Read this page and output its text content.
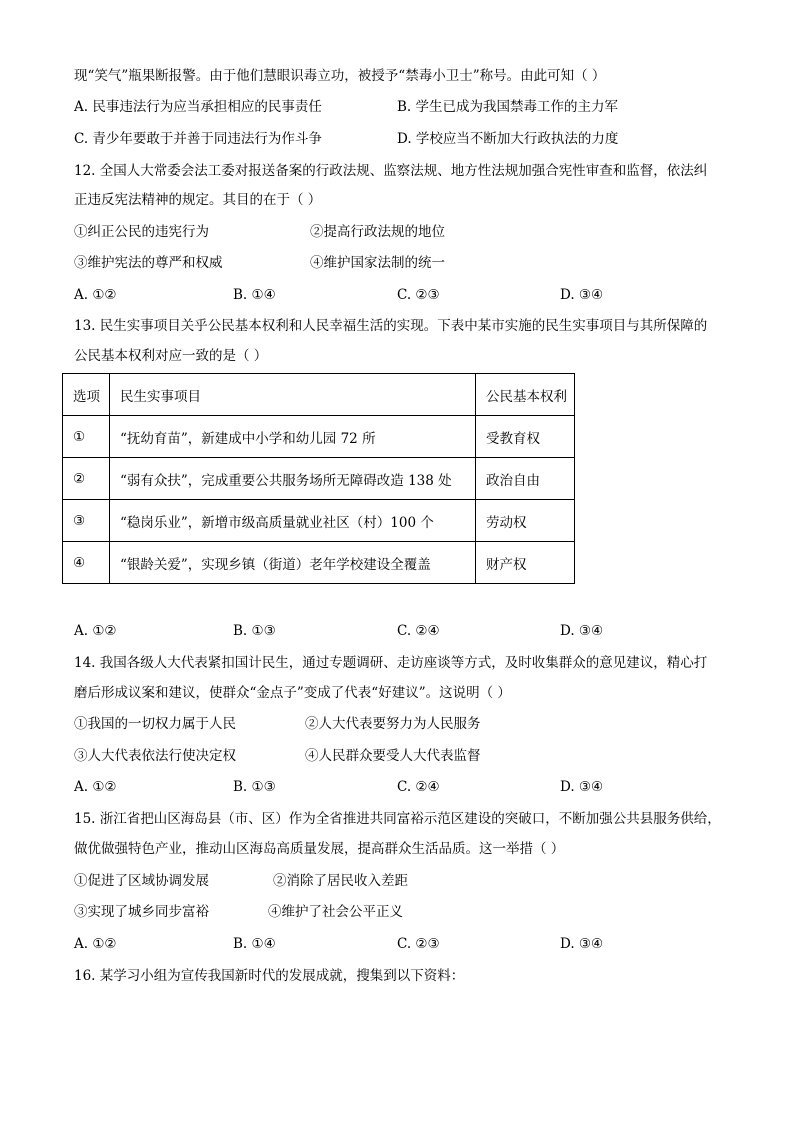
现“笑气”瓶果断报警。由于他们慧眼识毒立功，被授予“禁毒小卫士”称号。由此可知（ ）
A. 民事违法行为应当承担相应的民事责任	B. 学生已成为我国禁毒工作的主力军
C. 青少年要敢于并善于同违法行为作斗争	D. 学校应当不断加大行政执法的力度
12. 全国人大常委会法工委对报送备案的行政法规、监察法规、地方性法规加强合宪性审查和监督，依法纠
正违反宪法精神的规定。其目的在于（ ）
①纠正公民的违宪行为	②提高行政法规的地位
③维护宪法的尊严和权威	④维护国家法制的统一
A. ①②	B. ①④	C. ②③	D. ③④
13. 民生实事项目关乎公民基本权利和人民幸福生活的实现。下表中某市实施的民生实事项目与其所保障的
公民基本权利对应一致的是（ ）
选项	民生实事项目	公民基本权利
①	“抚幼育苗”，新建成中小学和幼儿园 72 所	受教育权
②	“弱有众扶”，完成重要公共服务场所无障碍改造 138 处	政治自由
③	“稳岗乐业”，新增市级高质量就业社区（村）100 个	劳动权
④	“银龄关爱”，实现乡镇（街道）老年学校建设全覆盖	财产权
A. ①②	B. ①③	C. ②④	D. ③④
14. 我国各级人大代表紧扣国计民生，通过专题调研、走访座谈等方式，及时收集群众的意见建议，精心打
磨后形成议案和建议，使群众“金点子”变成了代表“好建议”。这说明（ ）
①我国的一切权力属于人民	②人大代表要努力为人民服务
③人大代表依法行使决定权	④人民群众要受人大代表监督
A. ①②	B. ①③	C. ②④	D. ③④
15. 浙江省把山区海岛县（市、区）作为全省推进共同富裕示范区建设的突破口，不断加强公共县服务供给，
做优做强特色产业，推动山区海岛高质量发展，提高群众生活品质。这一举措（ ）
①促进了区域协调发展	②消除了居民收入差距
③实现了城乡同步富裕	④维护了社会公平正义
A. ①②	B. ①④	C. ②③	D. ③④
16. 某学习小组为宣传我国新时代的发展成就，搜集到以下资料：
